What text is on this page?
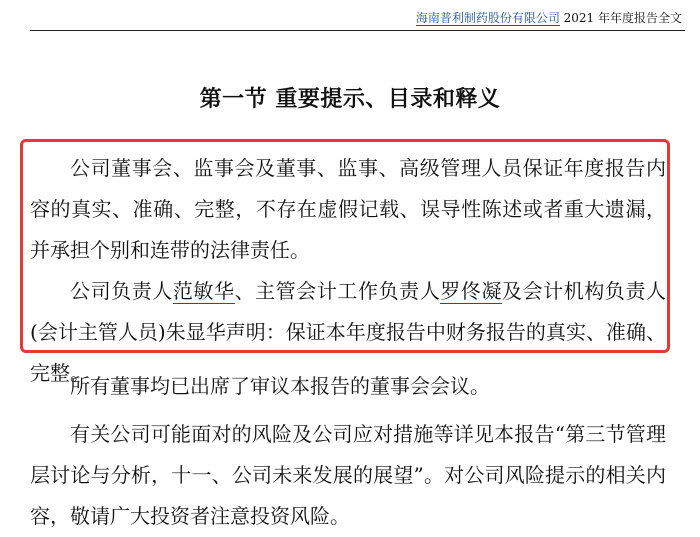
海南普利制药股份有限公司 2021 年年度报告全文
第一节 重要提示、目录和释义

公司董事会、监事会及董事、监事、高级管理人员保证年度报告内容的真实、准确、完整，不存在虚假记载、误导性陈述或者重大遗漏，并承担个别和连带的法律责任。

公司负责人范敏华、主管会计工作负责人罗佟凝及会计机构负责人(会计主管人员)朱显华声明：保证本年度报告中财务报告的真实、准确、完整。

所有董事均已出席了审议本报告的董事会会议。

有关公司可能面对的风险及公司应对措施等详见本报告“第三节管理层讨论与分析，十一、公司未来发展的展望”。对公司风险提示的相关内容，敬请广大投资者注意投资风险。
